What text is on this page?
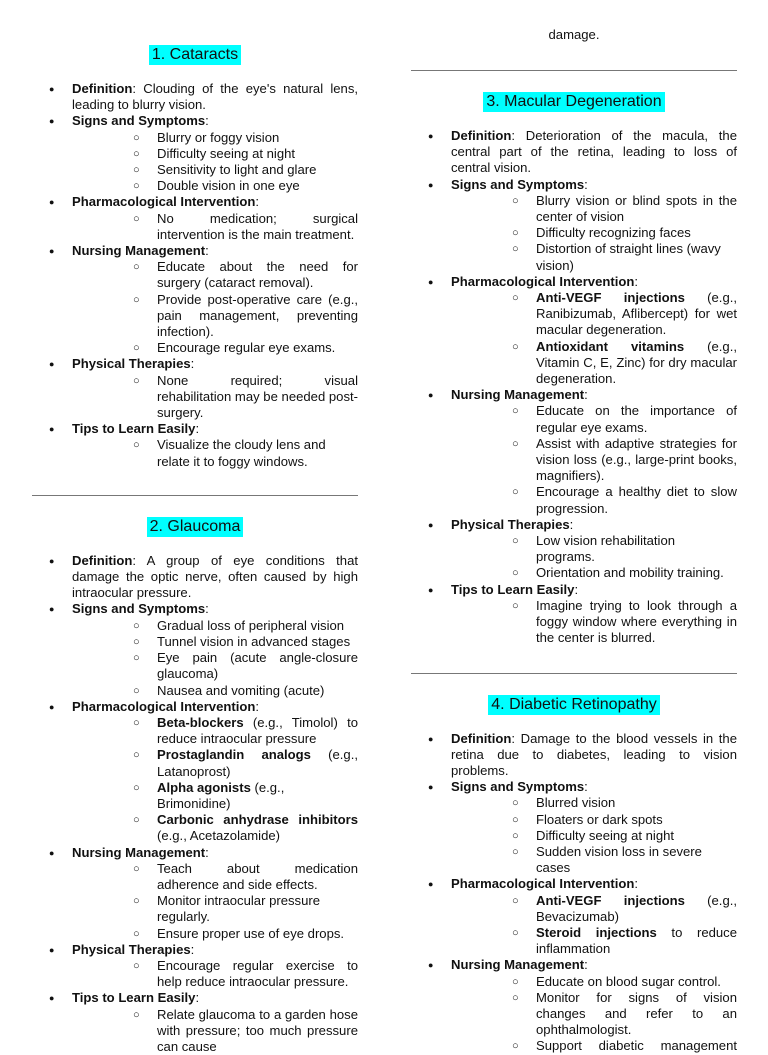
1. Cataracts
● Definition: Clouding of the eye's natural lens, leading to blurry vision.
● Signs and Symptoms:
○ Blurry or foggy vision
○ Difficulty seeing at night
○ Sensitivity to light and glare
○ Double vision in one eye
● Pharmacological Intervention:
○ No medication; surgical intervention is the main treatment.
● Nursing Management:
○ Educate about the need for surgery (cataract removal).
○ Provide post-operative care (e.g., pain management, preventing infection).
○ Encourage regular eye exams.
● Physical Therapies:
○ None required; visual rehabilitation may be needed post-surgery.
● Tips to Learn Easily:
○ Visualize the cloudy lens and relate it to foggy windows.
2. Glaucoma
● Definition: A group of eye conditions that damage the optic nerve, often caused by high intraocular pressure.
● Signs and Symptoms:
○ Gradual loss of peripheral vision
○ Tunnel vision in advanced stages
○ Eye pain (acute angle-closure glaucoma)
○ Nausea and vomiting (acute)
● Pharmacological Intervention:
○ Beta-blockers (e.g., Timolol) to reduce intraocular pressure
○ Prostaglandin analogs (e.g., Latanoprost)
○ Alpha agonists (e.g., Brimonidine)
○ Carbonic anhydrase inhibitors (e.g., Acetazolamide)
● Nursing Management:
○ Teach about medication adherence and side effects.
○ Monitor intraocular pressure regularly.
○ Ensure proper use of eye drops.
● Physical Therapies:
○ Encourage regular exercise to help reduce intraocular pressure.
● Tips to Learn Easily:
○ Relate glaucoma to a garden hose with pressure; too much pressure can cause
damage.
3. Macular Degeneration
● Definition: Deterioration of the macula, the central part of the retina, leading to loss of central vision.
● Signs and Symptoms:
○ Blurry vision or blind spots in the center of vision
○ Difficulty recognizing faces
○ Distortion of straight lines (wavy vision)
● Pharmacological Intervention:
○ Anti-VEGF injections (e.g., Ranibizumab, Aflibercept) for wet macular degeneration.
○ Antioxidant vitamins (e.g., Vitamin C, E, Zinc) for dry macular degeneration.
● Nursing Management:
○ Educate on the importance of regular eye exams.
○ Assist with adaptive strategies for vision loss (e.g., large-print books, magnifiers).
○ Encourage a healthy diet to slow progression.
● Physical Therapies:
○ Low vision rehabilitation programs.
○ Orientation and mobility training.
● Tips to Learn Easily:
○ Imagine trying to look through a foggy window where everything in the center is blurred.
4. Diabetic Retinopathy
● Definition: Damage to the blood vessels in the retina due to diabetes, leading to vision problems.
● Signs and Symptoms:
○ Blurred vision
○ Floaters or dark spots
○ Difficulty seeing at night
○ Sudden vision loss in severe cases
● Pharmacological Intervention:
○ Anti-VEGF injections (e.g., Bevacizumab)
○ Steroid injections to reduce inflammation
● Nursing Management:
○ Educate on blood sugar control.
○ Monitor for signs of vision changes and refer to an ophthalmologist.
○ Support diabetic management
